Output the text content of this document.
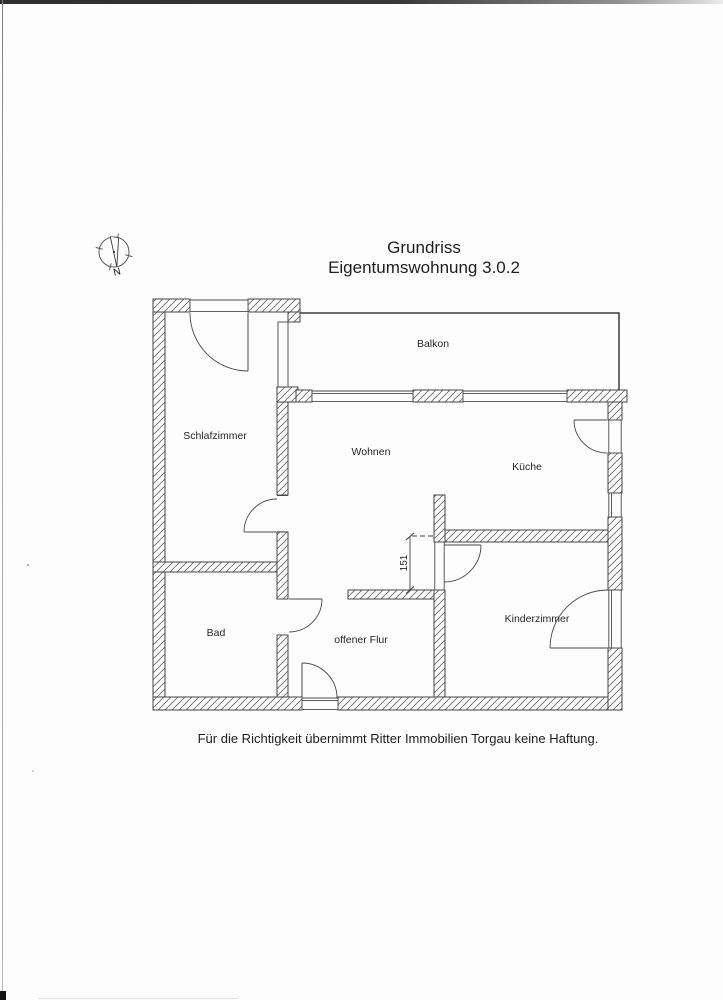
Grundriss
Eigentumswohnung 3.0.2
N
151
Schlafzimmer
Balkon
Wohnen
Küche
Bad
offener Flur
Kinderzimmer
Für die Richtigkeit übernimmt Ritter Immobilien Torgau keine Haftung.
